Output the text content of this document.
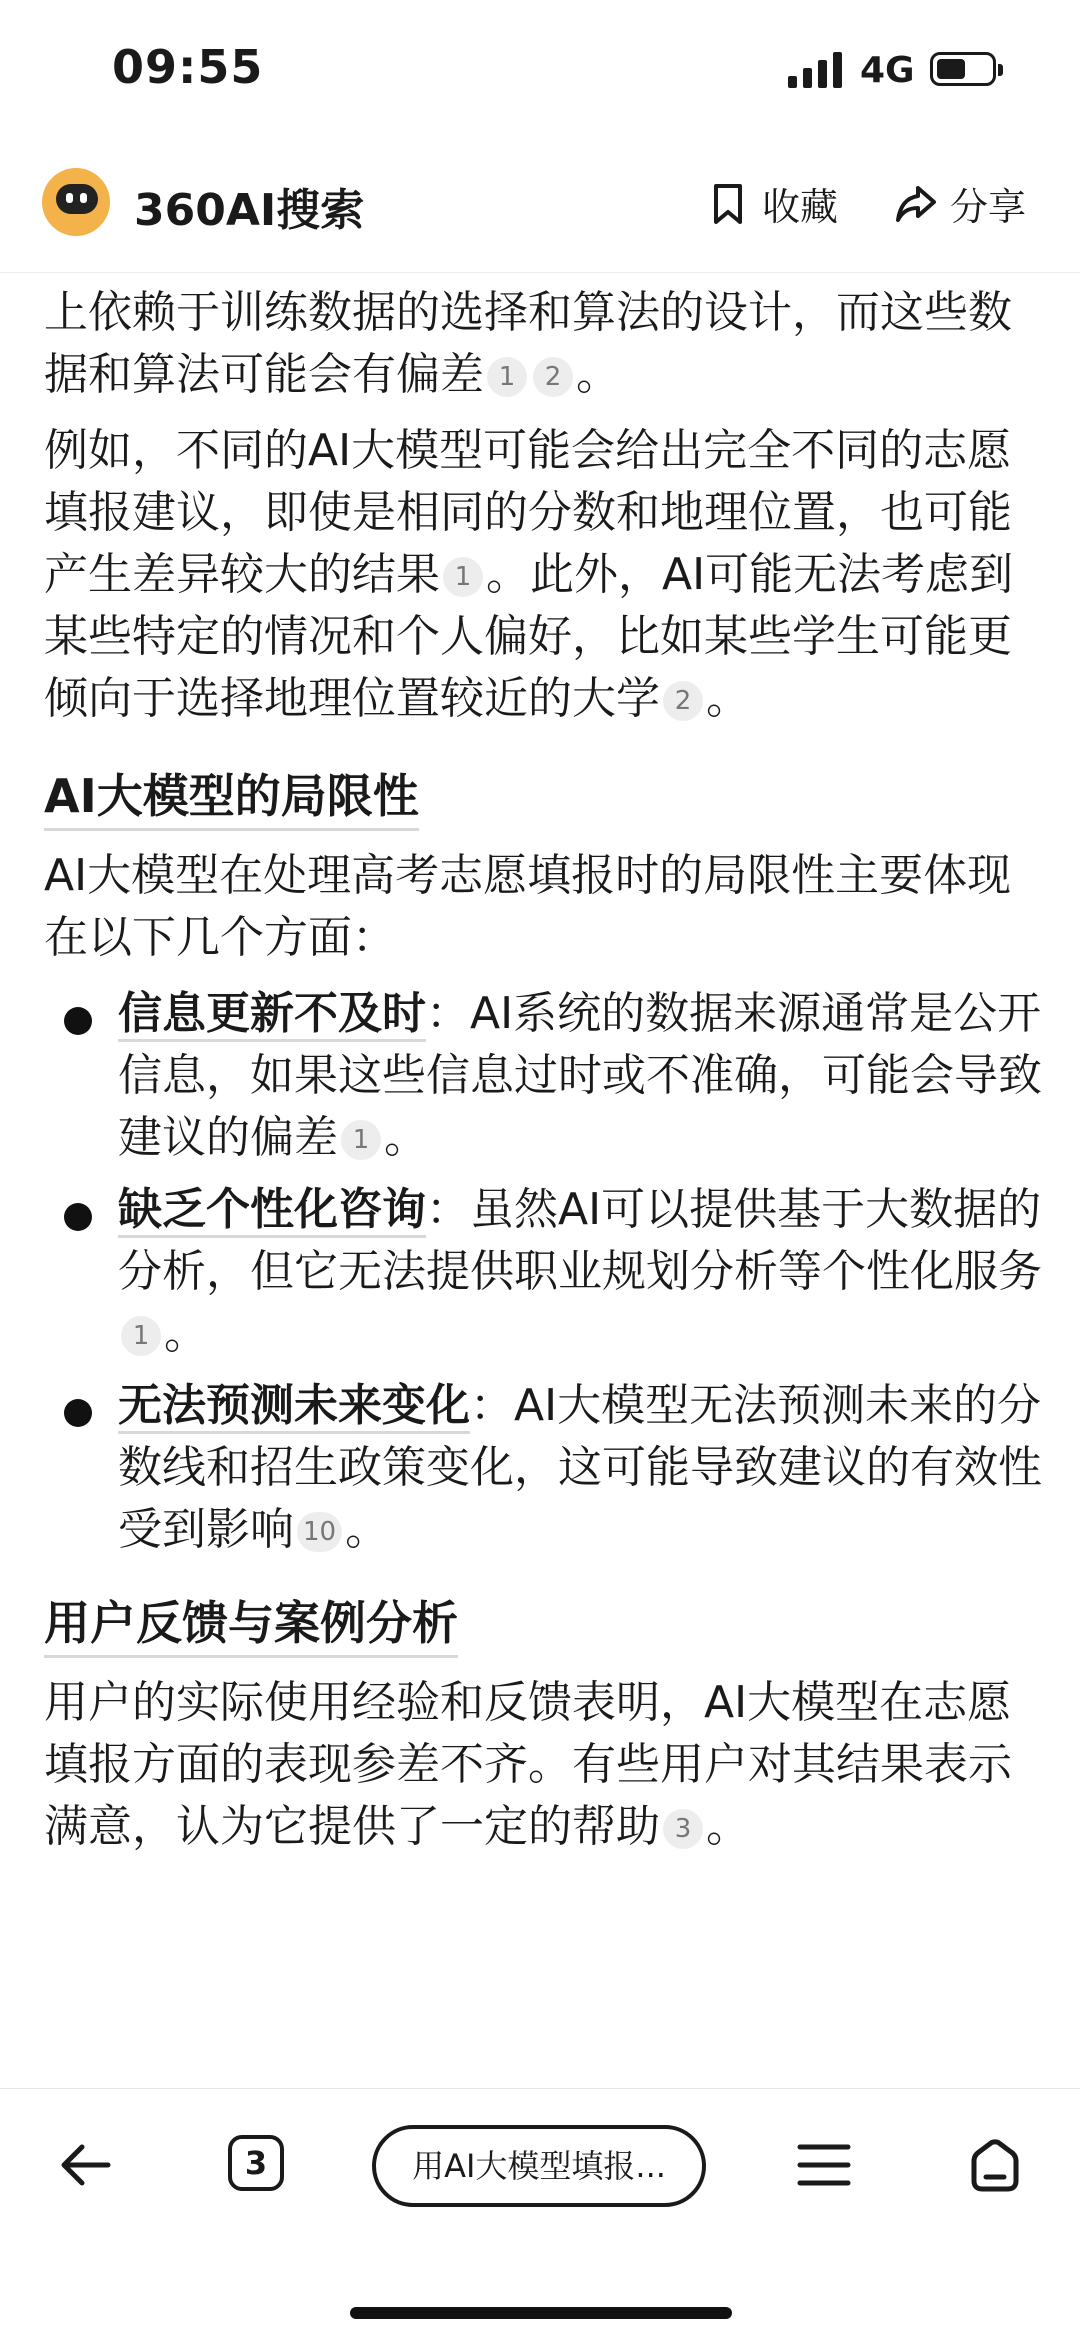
09:55	4G
360AI搜索	收藏	分享

上依赖于训练数据的选择和算法的设计，而这些数据和算法可能会有偏差 1 2 。

例如，不同的AI大模型可能会给出完全不同的志愿填报建议，即使是相同的分数和地理位置，也可能产生差异较大的结果 1 。此外，AI可能无法考虑到某些特定的情况和个人偏好，比如某些学生可能更倾向于选择地理位置较近的大学 2 。

AI大模型的局限性

AI大模型在处理高考志愿填报时的局限性主要体现在以下几个方面：

信息更新不及时：AI系统的数据来源通常是公开信息，如果这些信息过时或不准确，可能会导致建议的偏差 1 。
缺乏个性化咨询：虽然AI可以提供基于大数据的分析，但它无法提供职业规划分析等个性化服务1 。
无法预测未来变化：AI大模型无法预测未来的分数线和招生政策变化，这可能导致建议的有效性受到影响 10 。
用户反馈与案例分析

用户的实际使用经验和反馈表明，AI大模型在志愿填报方面的表现参差不齐。有些用户对其结果表示满意，认为它提供了一定的帮助 3 。

3	用AI大模型填报...
